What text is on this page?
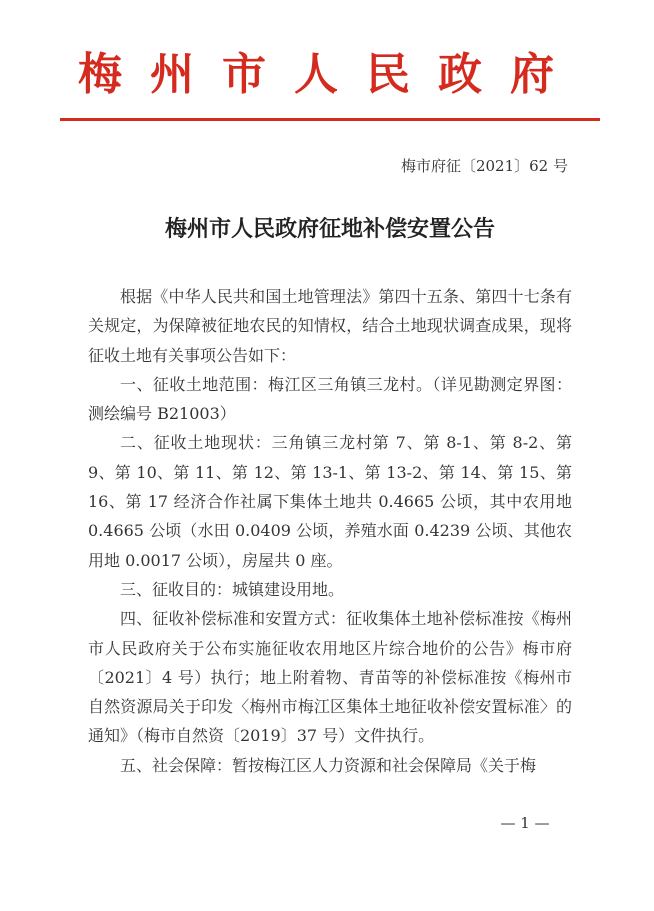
梅州市人民政府
梅市府征〔2021〕62 号
梅州市人民政府征地补偿安置公告

根据《中华人民共和国土地管理法》第四十五条、第四十七条有关规定，为保障被征地农民的知情权，结合土地现状调查成果，现将征收土地有关事项公告如下：

一、征收土地范围：梅江区三角镇三龙村。（详见勘测定界图：测绘编号 B21003）

二、征收土地现状：三角镇三龙村第 7、第 8-1、第 8-2、第 9、第 10、第 11、第 12、第 13-1、第 13-2、第 14、第 15、第 16、第 17 经济合作社属下集体土地共 0.4665 公顷，其中农用地 0.4665 公顷（水田 0.0409 公顷，养殖水面 0.4239 公顷、其他农用地 0.0017 公顷），房屋共 0 座。

三、征收目的：城镇建设用地。

四、征收补偿标准和安置方式：征收集体土地补偿标准按《梅州市人民政府关于公布实施征收农用地区片综合地价的公告》梅市府〔2021〕4 号）执行；地上附着物、青苗等的补偿标准按《梅州市自然资源局关于印发〈梅州市梅江区集体土地征收补偿安置标准〉的通知》（梅市自然资〔2019〕37 号）文件执行。

五、社会保障：暂按梅江区人力资源和社会保障局《关于梅

— 1 —
